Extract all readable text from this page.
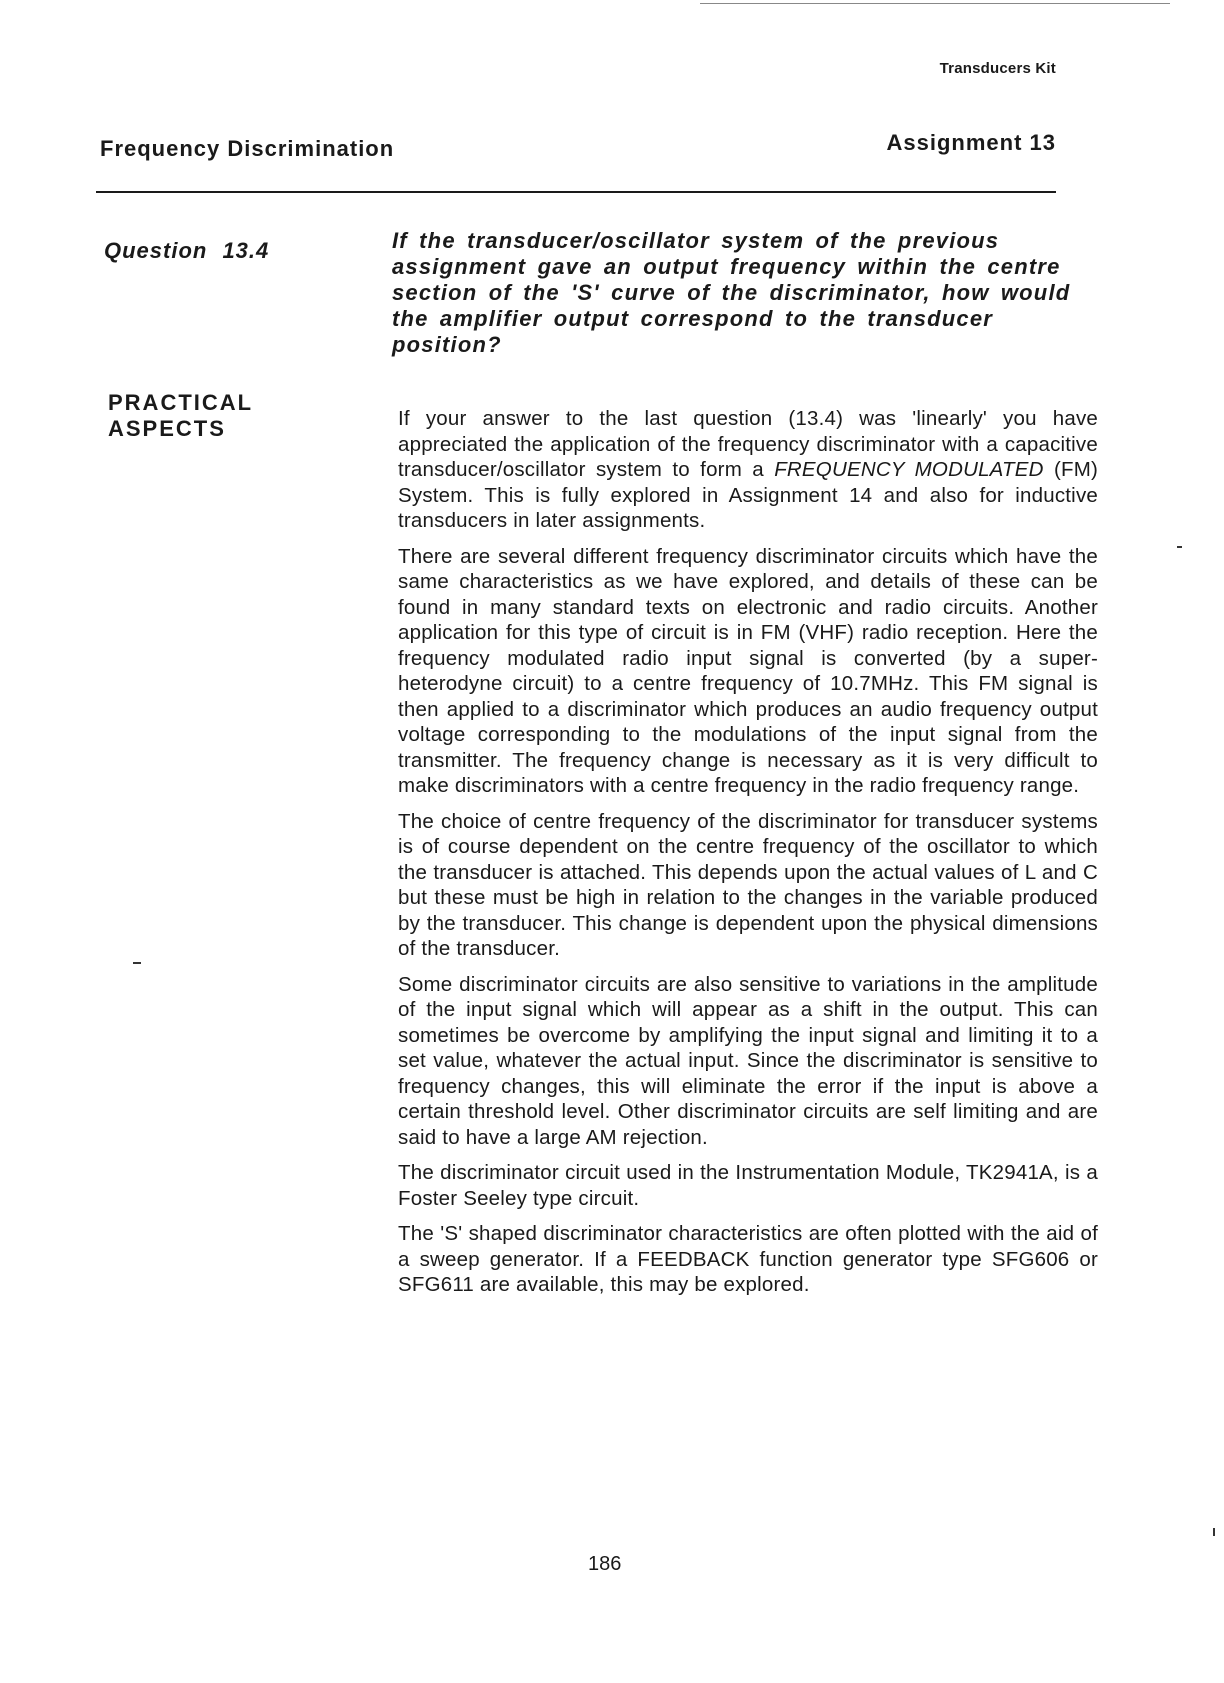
Transducers Kit
Frequency Discrimination	Assignment 13
Question 13.4	If the transducer/oscillator system of the previous assignment gave an output frequency within the centre section of the 'S' curve of the discriminator, how would the amplifier output correspond to the transducer position?
PRACTICAL
ASPECTS	If your answer to the last question (13.4) was 'linearly' you have appreciated the application of the frequency discriminator with a capacitive transducer/oscillator system to form a FREQUENCY MODULATED (FM) System. This is fully explored in Assignment 14 and also for inductive transducers in later assignments.

There are several different frequency discriminator circuits which have the same characteristics as we have explored, and details of these can be found in many standard texts on electronic and radio circuits. Another application for this type of circuit is in FM (VHF) radio reception. Here the frequency modulated radio input signal is converted (by a super-heterodyne circuit) to a centre frequency of 10.7MHz. This FM signal is then applied to a discriminator which produces an audio frequency output voltage corresponding to the modulations of the input signal from the transmitter. The frequency change is necessary as it is very difficult to make discriminators with a centre frequency in the radio frequency range.

The choice of centre frequency of the discriminator for transducer systems is of course dependent on the centre frequency of the oscillator to which the transducer is attached. This depends upon the actual values of L and C but these must be high in relation to the changes in the variable produced by the transducer. This change is dependent upon the physical dimensions of the transducer.

Some discriminator circuits are also sensitive to variations in the amplitude of the input signal which will appear as a shift in the output. This can sometimes be overcome by amplifying the input signal and limiting it to a set value, whatever the actual input. Since the discriminator is sensitive to frequency changes, this will eliminate the error if the input is above a certain threshold level. Other discriminator circuits are self limiting and are said to have a large AM rejection.

The discriminator circuit used in the Instrumentation Module, TK2941A, is a Foster Seeley type circuit.

The 'S' shaped discriminator characteristics are often plotted with the aid of a sweep generator. If a FEEDBACK function generator type SFG606 or SFG611 are available, this may be explored.

186
